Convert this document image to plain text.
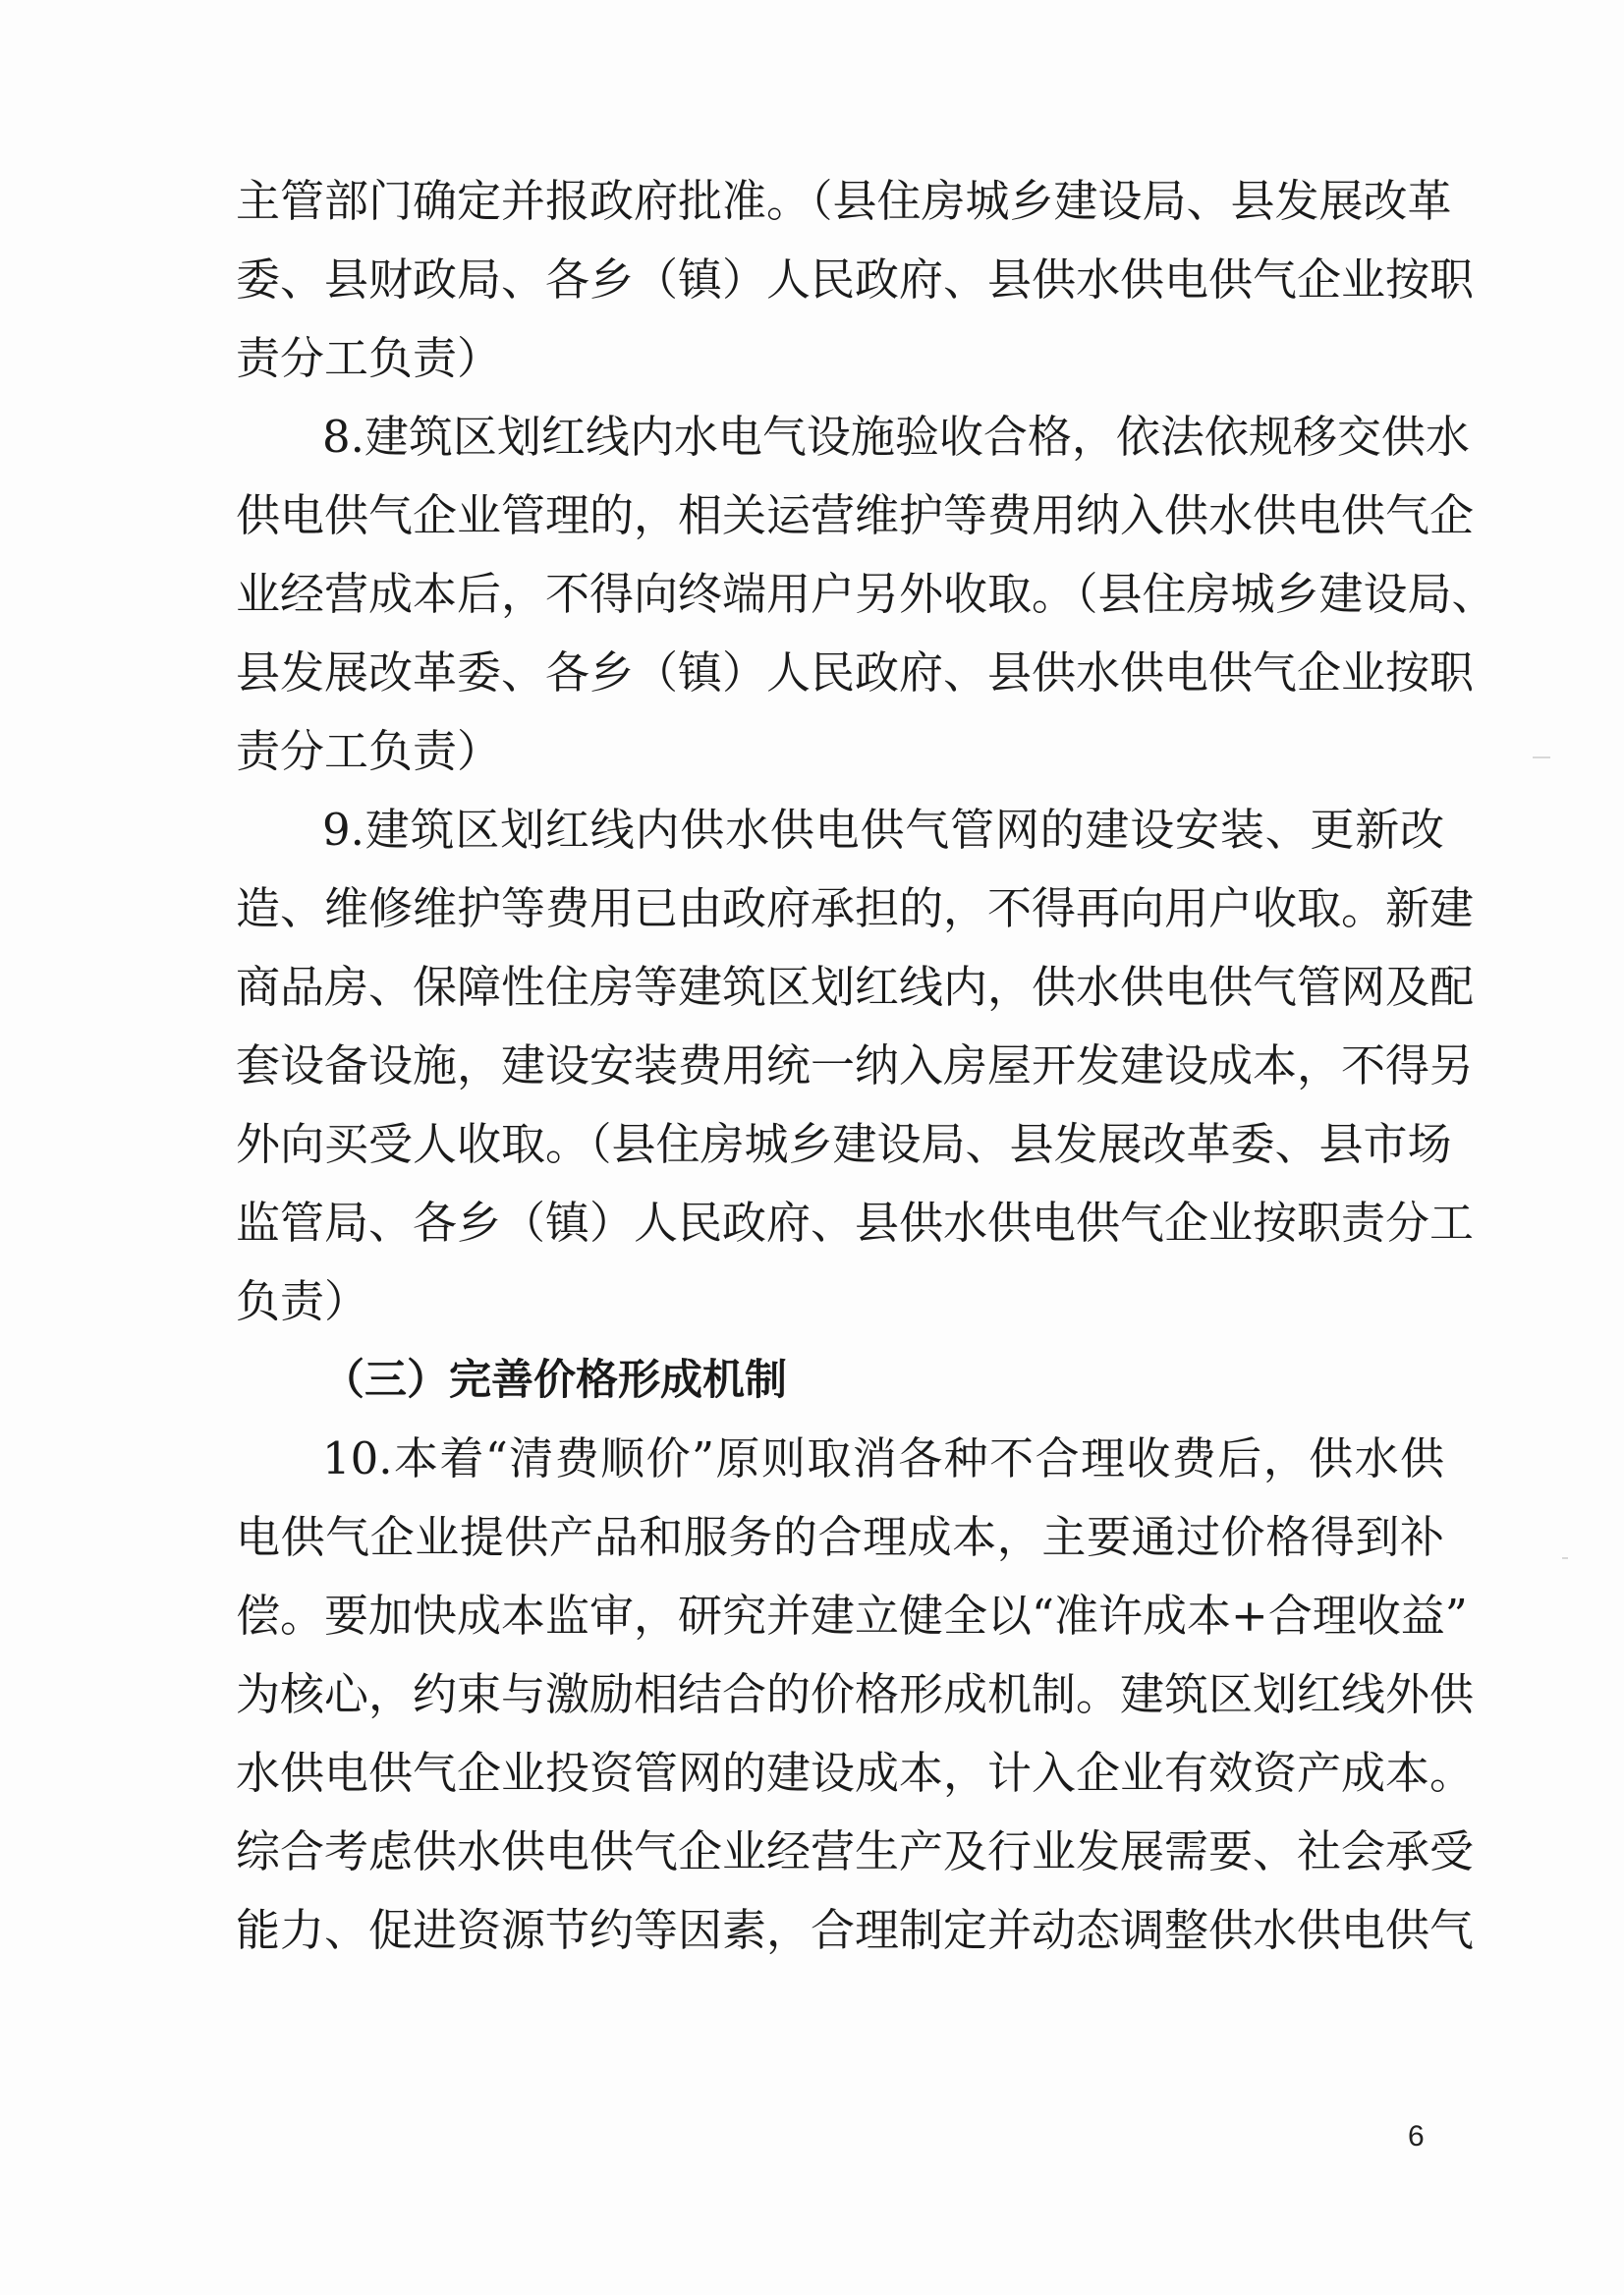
主管部门确定并报政府批准。（县住房城乡建设局、县发展改革
委、县财政局、各乡（镇）人民政府、县供水供电供气企业按职
责分工负责）
8.建筑区划红线内水电气设施验收合格，依法依规移交供水
供电供气企业管理的，相关运营维护等费用纳入供水供电供气企
业经营成本后，不得向终端用户另外收取。（县住房城乡建设局、
县发展改革委、各乡（镇）人民政府、县供水供电供气企业按职
责分工负责）
9.建筑区划红线内供水供电供气管网的建设安装、更新改
造、维修维护等费用已由政府承担的，不得再向用户收取。新建
商品房、保障性住房等建筑区划红线内，供水供电供气管网及配
套设备设施，建设安装费用统一纳入房屋开发建设成本，不得另
外向买受人收取。（县住房城乡建设局、县发展改革委、县市场
监管局、各乡（镇）人民政府、县供水供电供气企业按职责分工
负责）
（三）完善价格形成机制
10.本着“清费顺价”原则取消各种不合理收费后，供水供
电供气企业提供产品和服务的合理成本，主要通过价格得到补
偿。要加快成本监审，研究并建立健全以“准许成本+合理收益”
为核心，约束与激励相结合的价格形成机制。建筑区划红线外供
水供电供气企业投资管网的建设成本，计入企业有效资产成本。
综合考虑供水供电供气企业经营生产及行业发展需要、社会承受
能力、促进资源节约等因素，合理制定并动态调整供水供电供气
6
